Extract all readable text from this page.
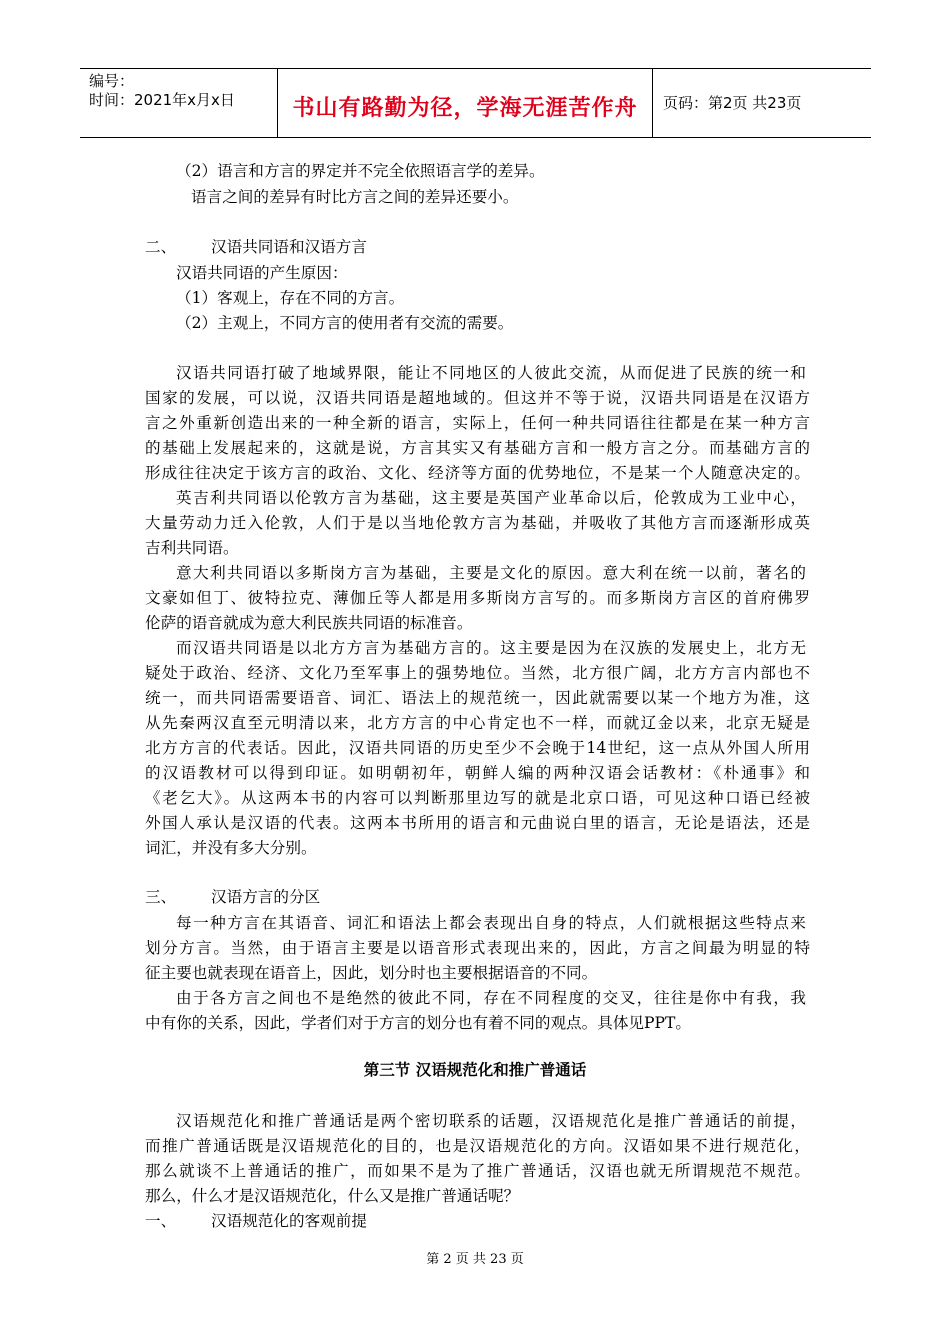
编号：
时间：2021年x月x日	书山有路勤为径，学海无涯苦作舟	页码：第2页 共23页
（2）语言和方言的界定并不完全依照语言学的差异。
语言之间的差异有时比方言之间的差异还要小。
二、 汉语共同语和汉语方言
汉语共同语的产生原因：
（1）客观上，存在不同的方言。
（2）主观上，不同方言的使用者有交流的需要。
汉语共同语打破了地域界限，能让不同地区的人彼此交流，从而促进了民族的统一和
国家的发展，可以说，汉语共同语是超地域的。但这并不等于说，汉语共同语是在汉语方
言之外重新创造出来的一种全新的语言，实际上，任何一种共同语往往都是在某一种方言
的基础上发展起来的，这就是说，方言其实又有基础方言和一般方言之分。而基础方言的
形成往往决定于该方言的政治、文化、经济等方面的优势地位，不是某一个人随意决定的。
英吉利共同语以伦敦方言为基础，这主要是英国产业革命以后，伦敦成为工业中心，
大量劳动力迁入伦敦，人们于是以当地伦敦方言为基础，并吸收了其他方言而逐渐形成英
吉利共同语。
意大利共同语以多斯岗方言为基础，主要是文化的原因。意大利在统一以前，著名的
文豪如但丁、彼特拉克、薄伽丘等人都是用多斯岗方言写的。而多斯岗方言区的首府佛罗
伦萨的语音就成为意大利民族共同语的标准音。
而汉语共同语是以北方方言为基础方言的。这主要是因为在汉族的发展史上，北方无
疑处于政治、经济、文化乃至军事上的强势地位。当然，北方很广阔，北方方言内部也不
统一，而共同语需要语音、词汇、语法上的规范统一，因此就需要以某一个地方为准，这
从先秦两汉直至元明清以来，北方方言的中心肯定也不一样，而就辽金以来，北京无疑是
北方方言的代表话。因此，汉语共同语的历史至少不会晚于14世纪，这一点从外国人所用
的汉语教材可以得到印证。如明朝初年，朝鲜人编的两种汉语会话教材：《朴通事》和
《老乞大》。从这两本书的内容可以判断那里边写的就是北京口语，可见这种口语已经被
外国人承认是汉语的代表。这两本书所用的语言和元曲说白里的语言，无论是语法，还是
词汇，并没有多大分别。
三、 汉语方言的分区
每一种方言在其语音、词汇和语法上都会表现出自身的特点，人们就根据这些特点来
划分方言。当然，由于语言主要是以语音形式表现出来的，因此，方言之间最为明显的特
征主要也就表现在语音上，因此，划分时也主要根据语音的不同。
由于各方言之间也不是绝然的彼此不同，存在不同程度的交叉，往往是你中有我，我
中有你的关系，因此，学者们对于方言的划分也有着不同的观点。具体见PPT。
第三节 汉语规范化和推广普通话
汉语规范化和推广普通话是两个密切联系的话题，汉语规范化是推广普通话的前提，
而推广普通话既是汉语规范化的目的，也是汉语规范化的方向。汉语如果不进行规范化，
那么就谈不上普通话的推广，而如果不是为了推广普通话，汉语也就无所谓规范不规范。
那么，什么才是汉语规范化，什么又是推广普通话呢？
一、 汉语规范化的客观前提
第 2 页 共 23 页
